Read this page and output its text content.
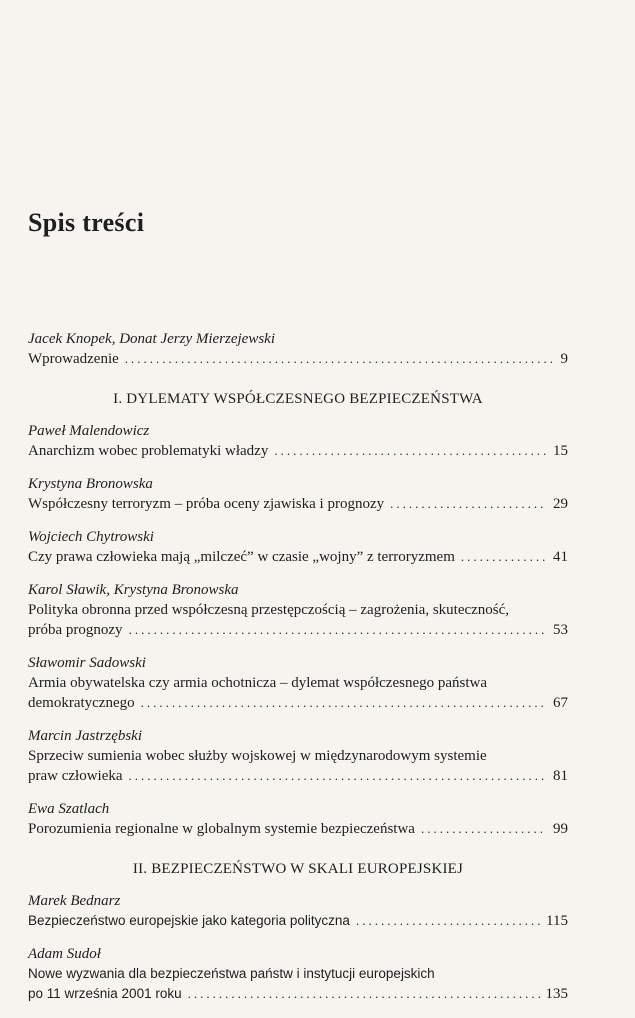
Spis treści
Jacek Knopek, Donat Jerzy Mierzejewski
Wprowadzenie .....	9
I. DYLEMATY WSPÓŁCZESNEGO BEZPIECZEŃSTWA
Paweł Malendowicz
Anarchizm wobec problematyki władzy .....	15
Krystyna Bronowska
Współczesny terroryzm – próba oceny zjawiska i prognozy .....	29
Wojciech Chytrowski
Czy prawa człowieka mają „milczeć” w czasie „wojny” z terroryzmem .....	41
Karol Sławik, Krystyna Bronowska
Polityka obronna przed współczesną przestępczością – zagrożenia, skuteczność,
próba prognozy .....	53
Sławomir Sadowski
Armia obywatelska czy armia ochotnicza – dylemat współczesnego państwa
demokratycznego .....	67
Marcin Jastrzębski
Sprzeciw sumienia wobec służby wojskowej w międzynarodowym systemie
praw człowieka .....	81
Ewa Szatlach
Porozumienia regionalne w globalnym systemie bezpieczeństwa .....	99
II. BEZPIECZEŃSTWO W SKALI EUROPEJSKIEJ
Marek Bednarz
Bezpieczeństwo europejskie jako kategoria polityczna .....	115
Adam Sudoł
Nowe wyzwania dla bezpieczeństwa państw i instytucji europejskich
po 11 września 2001 roku .....	135
